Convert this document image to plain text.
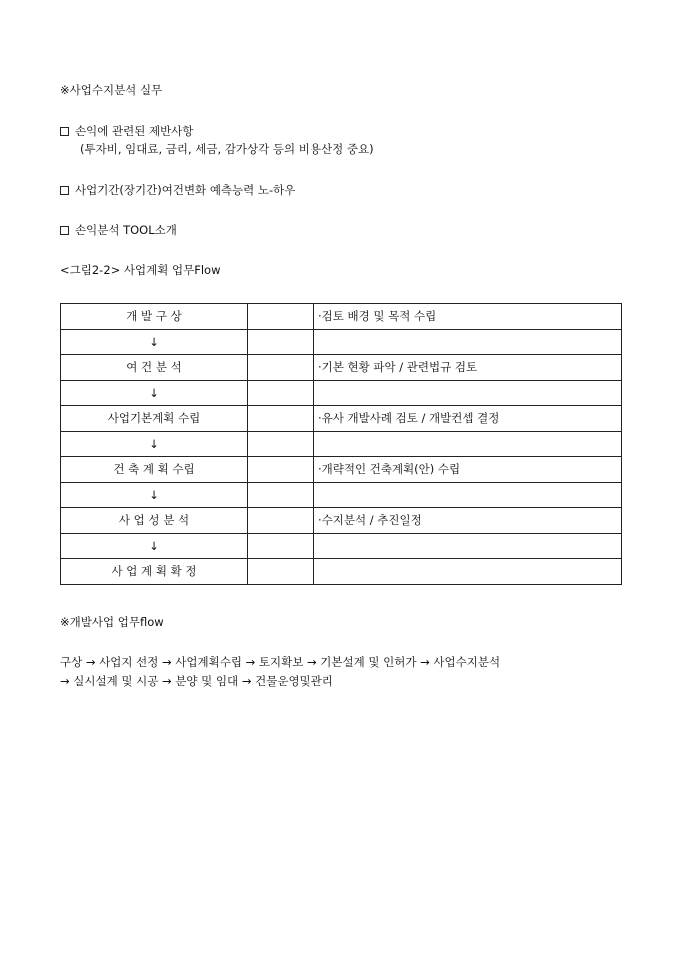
※사업수지분석 실무
손익에 관련된 제반사항
(투자비, 임대료, 금리, 세금, 감가상각 등의 비용산정 중요)
사업기간(장기간)여건변화 예측능력 노-하우
손익분석 TOOL소개
<그림2-2> 사업계획 업무Flow
개 발 구 상		·검토 배경 및 목적 수립
↓		
여 건 분 석		·기본 현황 파악 / 관련법규 검토
↓		
사업기본계획 수립		·유사 개발사례 검토 / 개발컨셉 결정
↓		
건 축 계 획 수립		·개략적인 건축계획(안) 수립
↓		
사 업 성 분 석		·수지분석 / 추진일정
↓		
사 업 계 획 확 정		
※개발사업 업무flow
구상 → 사업지 선정 → 사업계획수립 → 토지확보 → 기본설계 및 인허가 → 사업수지분석
→ 실시설계 및 시공 → 분양 및 임대 → 건물운영및관리
